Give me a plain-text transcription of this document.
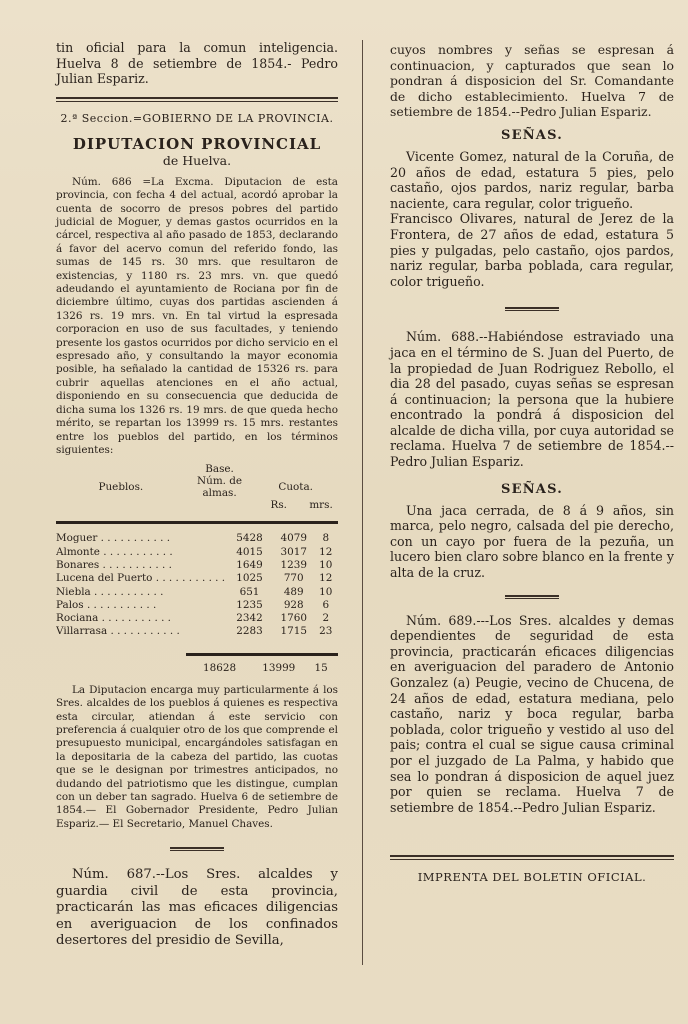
tin oficial para la comun inteligencia. Huelva 8 de setiembre de 1854.- Pedro Julian Espariz.

2.ª Seccion.=GOBIERNO DE LA PROVINCIA.

DIPUTACION PROVINCIAL

de Huelva.

Núm. 686 =La Excma. Diputacion de esta provincia, con fecha 4 del actual, acordó aprobar la cuenta de socorro de presos pobres del partido judicial de Moguer, y demas gastos ocurridos en la cárcel, respectiva al año pasado de 1853, declarando á favor del acervo comun del referido fondo, las sumas de 145 rs. 30 mrs. que resultaron de existencias, y 1180 rs. 23 mrs. vn. que quedó adeudando el ayuntamiento de Rociana por fin de diciembre último, cuyas dos partidas ascienden á 1326 rs. 19 mrs. vn. En tal virtud la espresada corporacion en uso de sus facultades, y teniendo presente los gastos ocurridos por dicho servicio en el espresado año, y consultando la mayor economia posible, ha señalado la cantidad de 15326 rs. para cubrir aquellas atenciones en el año actual, disponiendo en su consecuencia que deducida de dicha suma los 1326 rs. 19 mrs. de que queda hecho mérito, se repartan los 13999 rs. 15 mrs. restantes entre los pueblos del partido, en los términos siguientes:

	Base.		
Pueblos.	Núm. de almas.	Cuota.	
		Rs.	mrs.

Moguer . . . . . . . . . . .	5428	4079	8
Almonte . . . . . . . . . . .	4015	3017	12
Bonares . . . . . . . . . . .	1649	1239	10
Lucena del Puerto . . . . . . . . . . .	1025	770	12
Niebla . . . . . . . . . . .	651	489	10
Palos . . . . . . . . . . .	1235	928	6
Rociana . . . . . . . . . . .	2342	1760	2
Villarrasa . . . . . . . . . . .	2283	1715	23

	18628	13999	15

La Diputacion encarga muy particularmente á los Sres. alcaldes de los pueblos á quienes es respectiva esta circular, atiendan á este servicio con preferencia á cualquier otro de los que comprende el presupuesto municipal, encargándoles satisfagan en la depositaria de la cabeza del partido, las cuotas que se le designan por trimestres anticipados, no dudando del patriotismo que les distingue, cumplan con un deber tan sagrado. Huelva 6 de setiembre de 1854.— El Gobernador Presidente, Pedro Julian Espariz.— El Secretario, Manuel Chaves.

Núm. 687.--Los Sres. alcaldes y guardia civil de esta provincia, practicarán las mas eficaces diligencias en averiguacion de los confinados desertores del presidio de Sevilla,

cuyos nombres y señas se espresan á continuacion, y capturados que sean lo pondran á disposicion del Sr. Comandante de dicho establecimiento. Huelva 7 de setiembre de 1854.--Pedro Julian Espariz.

SEÑAS.

Vicente Gomez, natural de la Coruña, de 20 años de edad, estatura 5 pies, pelo castaño, ojos pardos, nariz regular, barba naciente, cara regular, color trigueño.

Francisco Olivares, natural de Jerez de la Frontera, de 27 años de edad, estatura 5 pies y pulgadas, pelo castaño, ojos pardos, nariz regular, barba poblada, cara regular, color trigueño.

Núm. 688.--Habiéndose estraviado una jaca en el término de S. Juan del Puerto, de la propiedad de Juan Rodriguez Rebollo, el dia 28 del pasado, cuyas señas se espresan á continuacion; la persona que la hubiere encontrado la pondrá á disposicion del alcalde de dicha villa, por cuya autoridad se reclama. Huelva 7 de setiembre de 1854.--Pedro Julian Espariz.

SEÑAS.

Una jaca cerrada, de 8 á 9 años, sin marca, pelo negro, calsada del pie derecho, con un cayo por fuera de la pezuña, un lucero bien claro sobre blanco en la frente y alta de la cruz.

Núm. 689.---Los Sres. alcaldes y demas dependientes de seguridad de esta provincia, practicarán eficaces diligencias en averiguacion del paradero de Antonio Gonzalez (a) Peugie, vecino de Chucena, de 24 años de edad, estatura mediana, pelo castaño, nariz y boca regular, barba poblada, color trigueño y vestido al uso del pais; contra el cual se sigue causa criminal por el juzgado de La Palma, y habido que sea lo pondran á disposicion de aquel juez por quien se reclama. Huelva 7 de setiembre de 1854.--Pedro Julian Espariz.

IMPRENTA DEL BOLETIN OFICIAL.
